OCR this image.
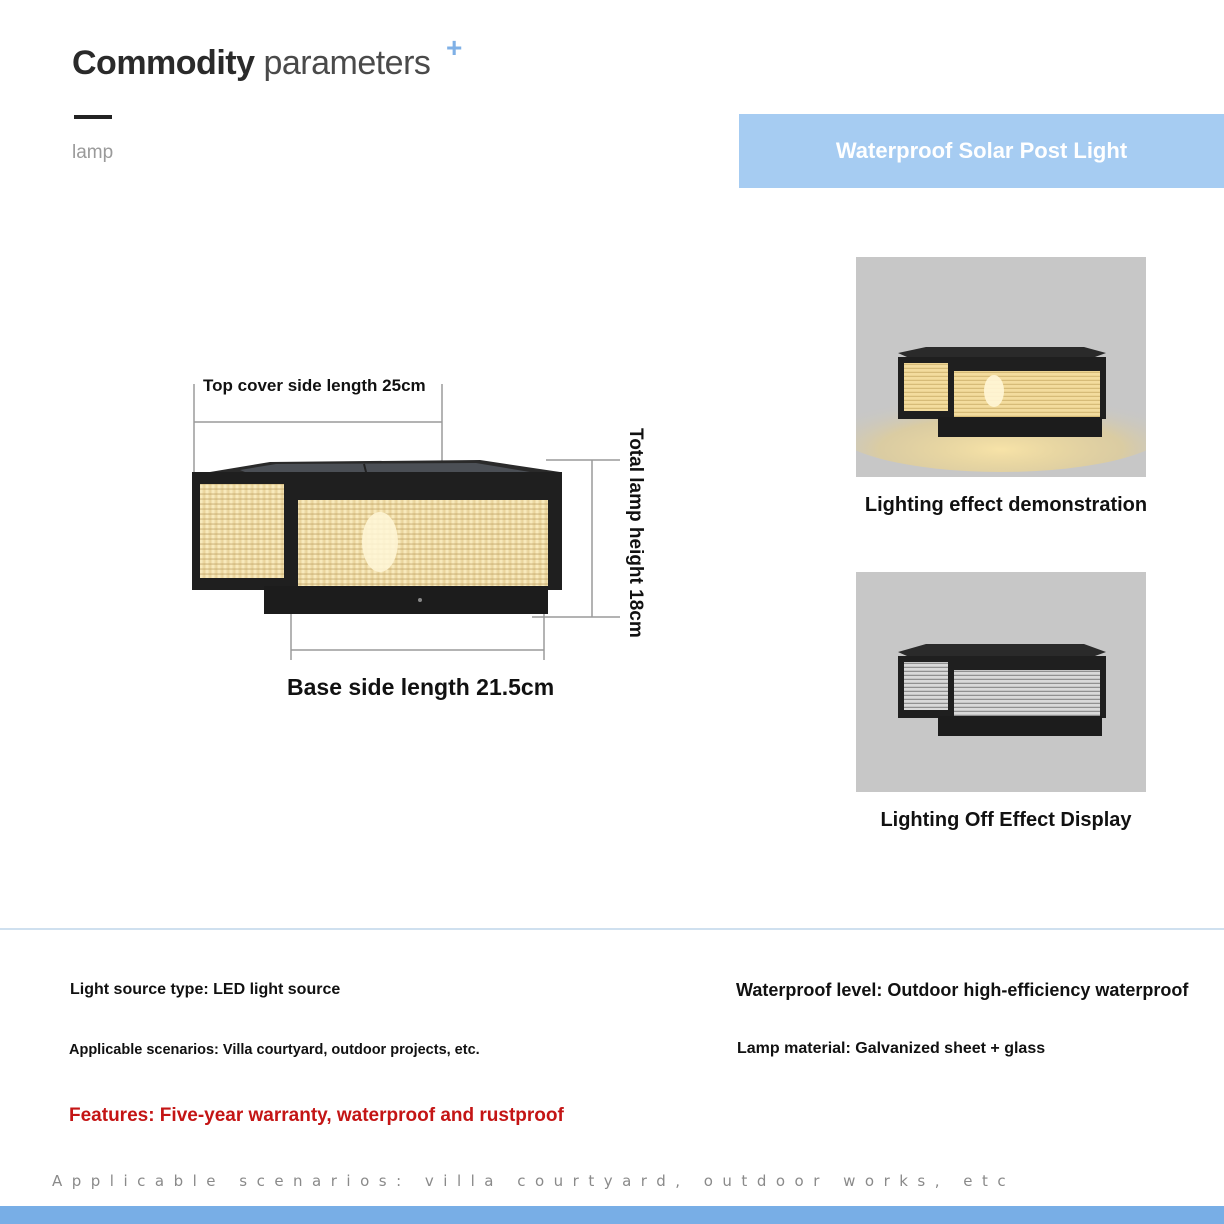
Commodity parameters +
lamp	Waterproof Solar Post Light
Top cover side length 25cm
Base side length 21.5cm
Total lamp height 18cm	Lighting effect demonstration
Lighting Off Effect Display
Light source type: LED light source	Waterproof level: Outdoor high-efficiency waterproof
Applicable scenarios: Villa courtyard, outdoor projects, etc.	Lamp material: Galvanized sheet + glass
Features: Five-year warranty, waterproof and rustproof
Applicable scenarios: villa courtyard, outdoor works, etc
